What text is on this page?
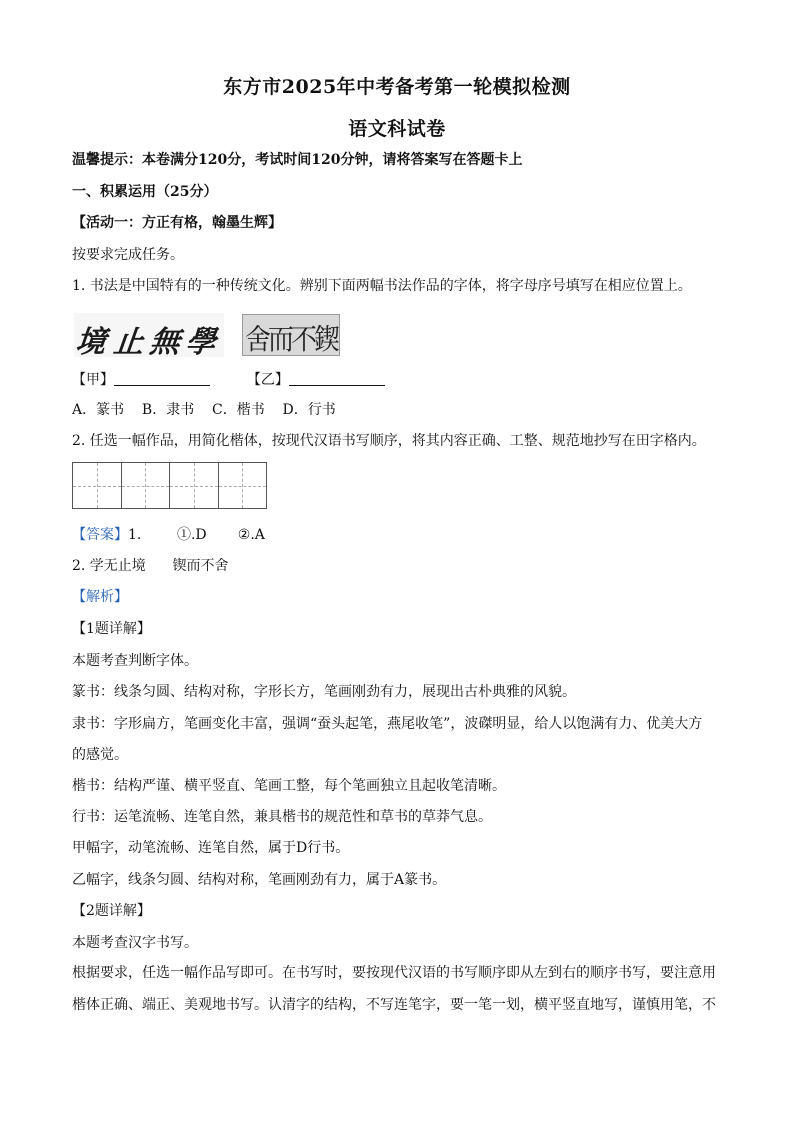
东方市2025年中考备考第一轮模拟检测
语文科试卷
温馨提示：本卷满分120分，考试时间120分钟，请将答案写在答题卡上
一、积累运用（25分）
【活动一：方正有格，翰墨生辉】
按要求完成任务。
1. 书法是中国特有的一种传统文化。辨别下面两幅书法作品的字体，将字母序号填写在相应位置上。
境 止 無 學 舍
而
不
鍥
【甲】	【乙】
A．篆书    B．隶书    C．楷书    D．行书
2. 任选一幅作品，用简化楷体，按现代汉语书写顺序，将其内容正确、工整、规范地抄写在田字格内。
【答案】1.        ①.D       ②.A
2. 学无止境      锲而不舍
【解析】
【1题详解】
本题考查判断字体。
篆书：线条匀圆、结构对称，字形长方，笔画刚劲有力，展现出古朴典雅的风貌。
隶书：字形扁方，笔画变化丰富，强调“蚕头起笔，燕尾收笔”，波磔明显，给人以饱满有力、优美大方
的感觉。
楷书：结构严谨、横平竖直、笔画工整，每个笔画独立且起收笔清晰。
行书：运笔流畅、连笔自然，兼具楷书的规范性和草书的草莽气息。
甲幅字，动笔流畅、连笔自然，属于D行书。
乙幅字，线条匀圆、结构对称，笔画刚劲有力，属于A篆书。
【2题详解】
本题考查汉字书写。
根据要求，任选一幅作品写即可。在书写时，要按现代汉语的书写顺序即从左到右的顺序书写，要注意用
楷体正确、端正、美观地书写。认清字的结构，不写连笔字，要一笔一划，横平竖直地写，谨慎用笔，不
